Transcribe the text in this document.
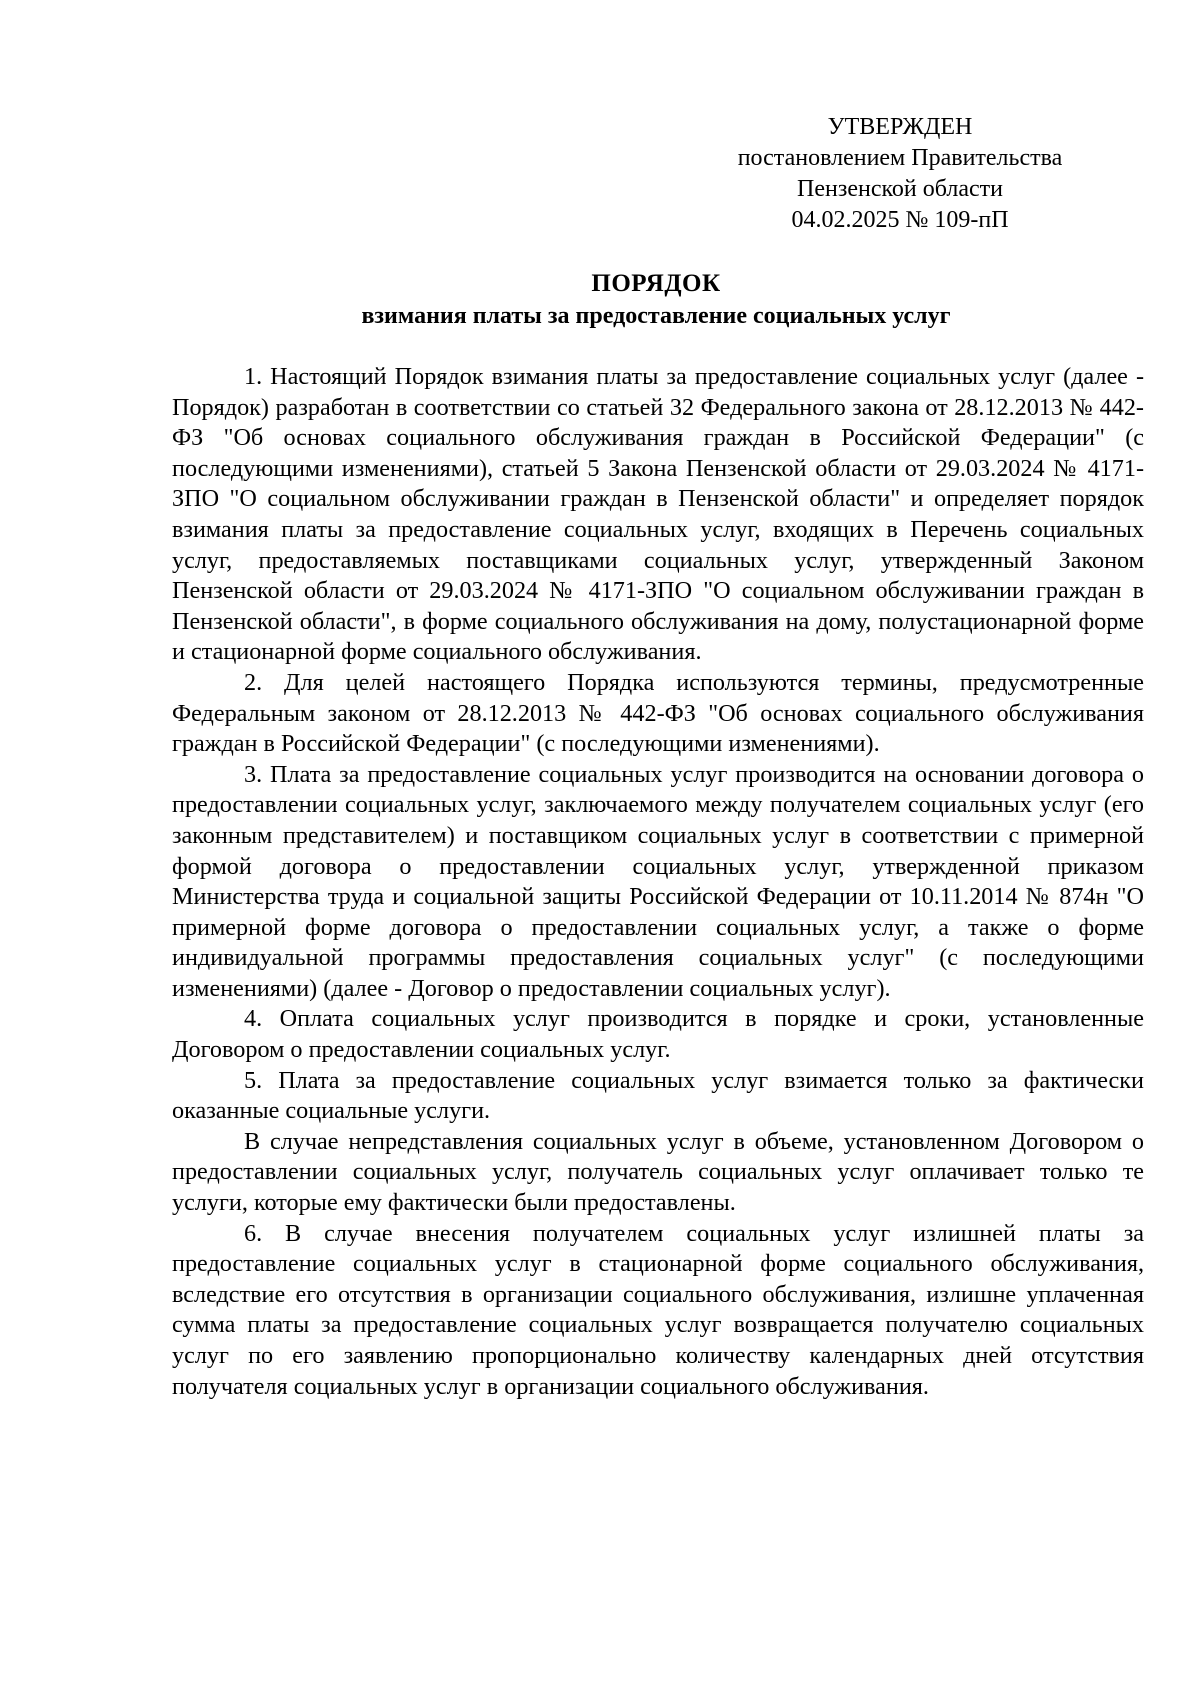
УТВЕРЖДЕН
постановлением Правительства
Пензенской области
04.02.2025 № 109-пП
ПОРЯДОК
взимания платы за предоставление социальных услуг

1. Настоящий Порядок взимания платы за предоставление социальных услуг (далее - Порядок) разработан в соответствии со статьей 32 Федерального закона от 28.12.2013 № 442-ФЗ "Об основах социального обслуживания граждан в Российской Федерации" (с последующими изменениями), статьей 5 Закона Пензенской области от 29.03.2024 № 4171-ЗПО "О социальном обслуживании граждан в Пензенской области" и определяет порядок взимания платы за предоставление социальных услуг, входящих в Перечень социальных услуг, предоставляемых поставщиками социальных услуг, утвержденный Законом Пензенской области от 29.03.2024 № 4171-ЗПО "О социальном обслуживании граждан в Пензенской области", в форме социального обслуживания на дому, полустационарной форме и стационарной форме социального обслуживания.

2. Для целей настоящего Порядка используются термины, предусмотренные Федеральным законом от 28.12.2013 № 442-ФЗ "Об основах социального обслуживания граждан в Российской Федерации" (с последующими изменениями).

3. Плата за предоставление социальных услуг производится на основании договора о предоставлении социальных услуг, заключаемого между получателем социальных услуг (его законным представителем) и поставщиком социальных услуг в соответствии с примерной формой договора о предоставлении социальных услуг, утвержденной приказом Министерства труда и социальной защиты Российской Федерации от 10.11.2014 № 874н "О примерной форме договора о предоставлении социальных услуг, а также о форме индивидуальной программы предоставления социальных услуг" (с последующими изменениями) (далее - Договор о предоставлении социальных услуг).

4. Оплата социальных услуг производится в порядке и сроки, установленные Договором о предоставлении социальных услуг.

5. Плата за предоставление социальных услуг взимается только за фактически оказанные социальные услуги.

В случае непредставления социальных услуг в объеме, установленном Договором о предоставлении социальных услуг, получатель социальных услуг оплачивает только те услуги, которые ему фактически были предоставлены.

6. В случае внесения получателем социальных услуг излишней платы за предоставление социальных услуг в стационарной форме социального обслуживания, вследствие его отсутствия в организации социального обслуживания, излишне уплаченная сумма платы за предоставление социальных услуг возвращается получателю социальных услуг по его заявлению пропорционально количеству календарных дней отсутствия получателя социальных услуг в организации социального обслуживания.
